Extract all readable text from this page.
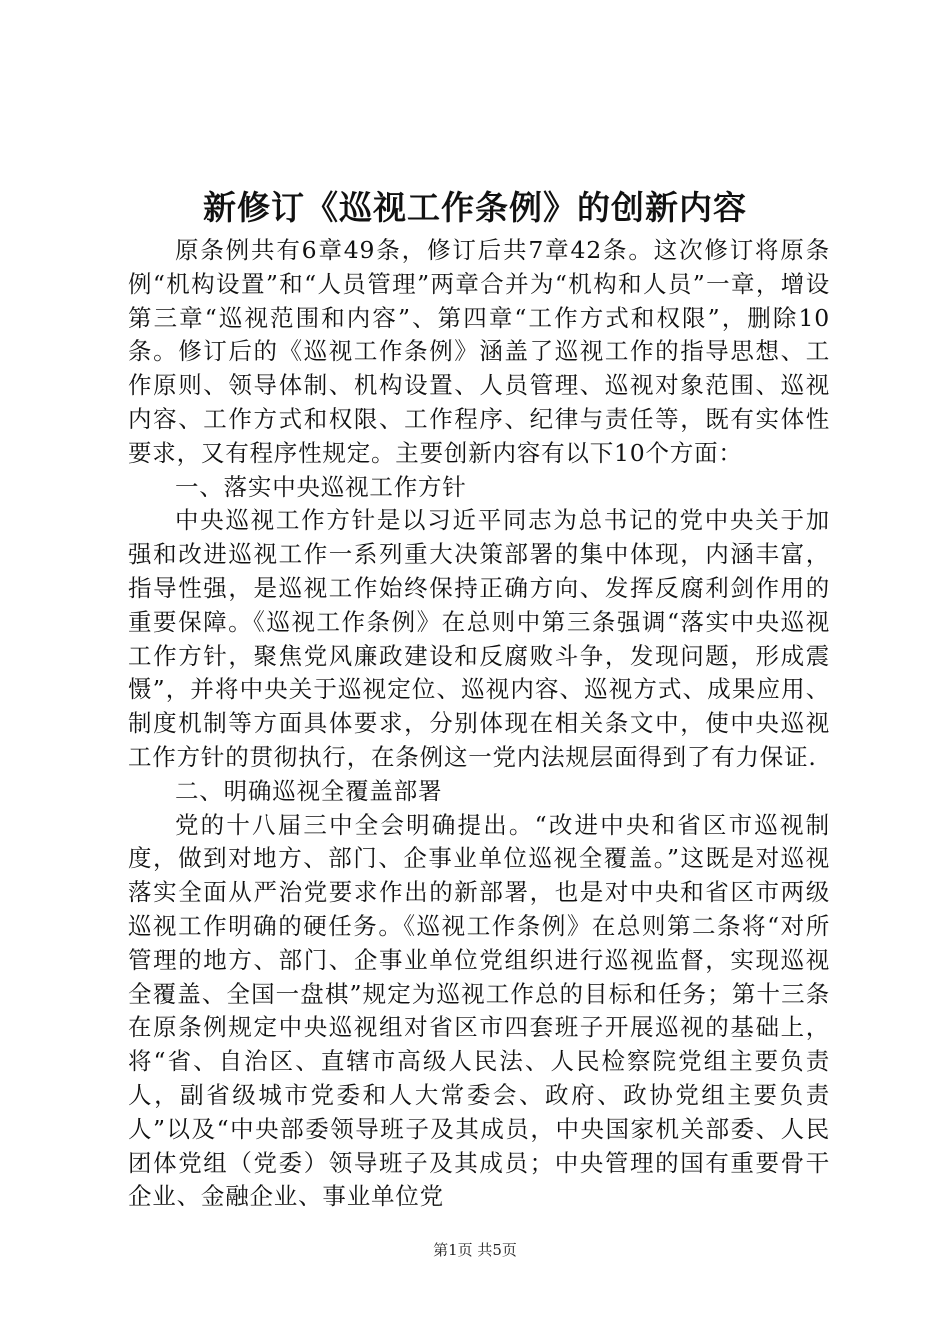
新修订《巡视工作条例》的创新内容

原条例共有6章49条，修订后共7章42条。这次修订将原条例“机构设置”和“人员管理”两章合并为“机构和人员”一章，增设第三章“巡视范围和内容”、第四章“工作方式和权限”，删除10条。修订后的《巡视工作条例》涵盖了巡视工作的指导思想、工作原则、领导体制、机构设置、人员管理、巡视对象范围、巡视内容、工作方式和权限、工作程序、纪律与责任等，既有实体性要求，又有程序性规定。主要创新内容有以下10个方面：

一、落实中央巡视工作方针

中央巡视工作方针是以习近平同志为总书记的党中央关于加强和改进巡视工作一系列重大决策部署的集中体现，内涵丰富，指导性强，是巡视工作始终保持正确方向、发挥反腐利剑作用的重要保障。《巡视工作条例》在总则中第三条强调“落实中央巡视工作方针，聚焦党风廉政建设和反腐败斗争，发现问题，形成震慑”，并将中央关于巡视定位、巡视内容、巡视方式、成果应用、制度机制等方面具体要求，分别体现在相关条文中，使中央巡视工作方针的贯彻执行，在条例这一党内法规层面得到了有力保证.

二、明确巡视全覆盖部署

党的十八届三中全会明确提出。“改进中央和省区市巡视制度，做到对地方、部门、企事业单位巡视全覆盖。”这既是对巡视落实全面从严治党要求作出的新部署，也是对中央和省区市两级巡视工作明确的硬任务。《巡视工作条例》在总则第二条将“对所管理的地方、部门、企事业单位党组织进行巡视监督，实现巡视全覆盖、全国一盘棋”规定为巡视工作总的目标和任务；第十三条在原条例规定中央巡视组对省区市四套班子开展巡视的基础上，将“省、自治区、直辖市高级人民法、人民检察院党组主要负责人，副省级城市党委和人大常委会、政府、政协党组主要负责人”以及“中央部委领导班子及其成员，中央国家机关部委、人民团体党组（党委）领导班子及其成员；中央管理的国有重要骨干企业、金融企业、事业单位党

第1页 共5页
